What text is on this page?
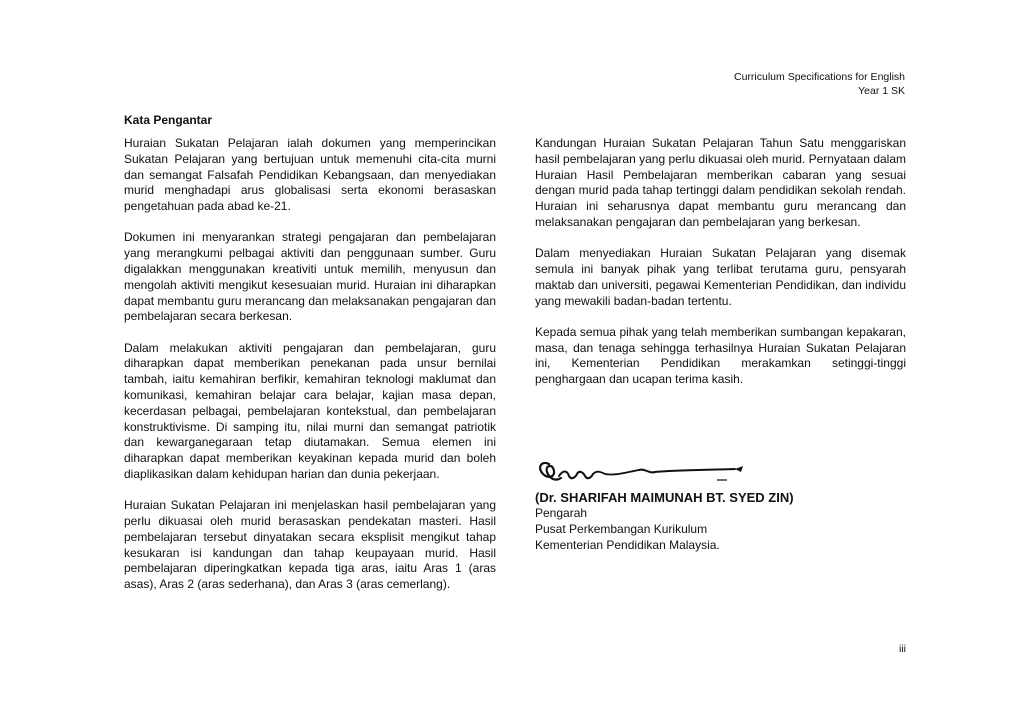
Curriculum Specifications for English
Year 1 SK
Kata Pengantar

Huraian Sukatan Pelajaran ialah dokumen yang memperincikan Sukatan Pelajaran yang bertujuan untuk memenuhi cita-cita murni dan semangat Falsafah Pendidikan Kebangsaan, dan menyediakan murid menghadapi arus globalisasi serta ekonomi berasaskan pengetahuan pada abad ke-21.

Dokumen ini menyarankan strategi pengajaran dan pembelajaran yang merangkumi pelbagai aktiviti dan penggunaan sumber. Guru digalakkan menggunakan kreativiti untuk memilih, menyusun dan mengolah aktiviti mengikut kesesuaian murid. Huraian ini diharapkan dapat membantu guru merancang dan melaksanakan pengajaran dan pembelajaran secara berkesan.

Dalam melakukan aktiviti pengajaran dan pembelajaran, guru diharapkan dapat memberikan penekanan pada unsur bernilai tambah, iaitu kemahiran berfikir, kemahiran teknologi maklumat dan komunikasi, kemahiran belajar cara belajar, kajian masa depan, kecerdasan pelbagai, pembelajaran kontekstual, dan pembelajaran konstruktivisme. Di samping itu, nilai murni dan semangat patriotik dan kewarganegaraan tetap diutamakan. Semua elemen ini diharapkan dapat memberikan keyakinan kepada murid dan boleh diaplikasikan dalam kehidupan harian dan dunia pekerjaan.

Huraian Sukatan Pelajaran ini menjelaskan hasil pembelajaran yang perlu dikuasai oleh murid berasaskan pendekatan masteri. Hasil pembelajaran tersebut dinyatakan secara eksplisit mengikut tahap kesukaran isi kandungan dan tahap keupayaan murid. Hasil pembelajaran diperingkatkan kepada tiga aras, iaitu Aras 1 (aras asas), Aras 2 (aras sederhana), dan Aras 3 (aras cemerlang).

Kandungan Huraian Sukatan Pelajaran Tahun Satu menggariskan hasil pembelajaran yang perlu dikuasai oleh murid. Pernyataan dalam Huraian Hasil Pembelajaran memberikan cabaran yang sesuai dengan murid pada tahap tertinggi dalam pendidikan sekolah rendah. Huraian ini seharusnya dapat membantu guru merancang dan melaksanakan pengajaran dan pembelajaran yang berkesan.

Dalam menyediakan Huraian Sukatan Pelajaran yang disemak semula ini banyak pihak yang terlibat terutama guru, pensyarah maktab dan universiti, pegawai Kementerian Pendidikan, dan individu yang mewakili badan-badan tertentu.

Kepada semua pihak yang telah memberikan sumbangan kepakaran, masa, dan tenaga sehingga terhasilnya Huraian Sukatan Pelajaran ini, Kementerian Pendidikan merakamkan setinggi-tinggi penghargaan dan ucapan terima kasih.

(Dr. SHARIFAH MAIMUNAH BT. SYED ZIN)
Pengarah
Pusat Perkembangan Kurikulum
Kementerian Pendidikan Malaysia.
iii
